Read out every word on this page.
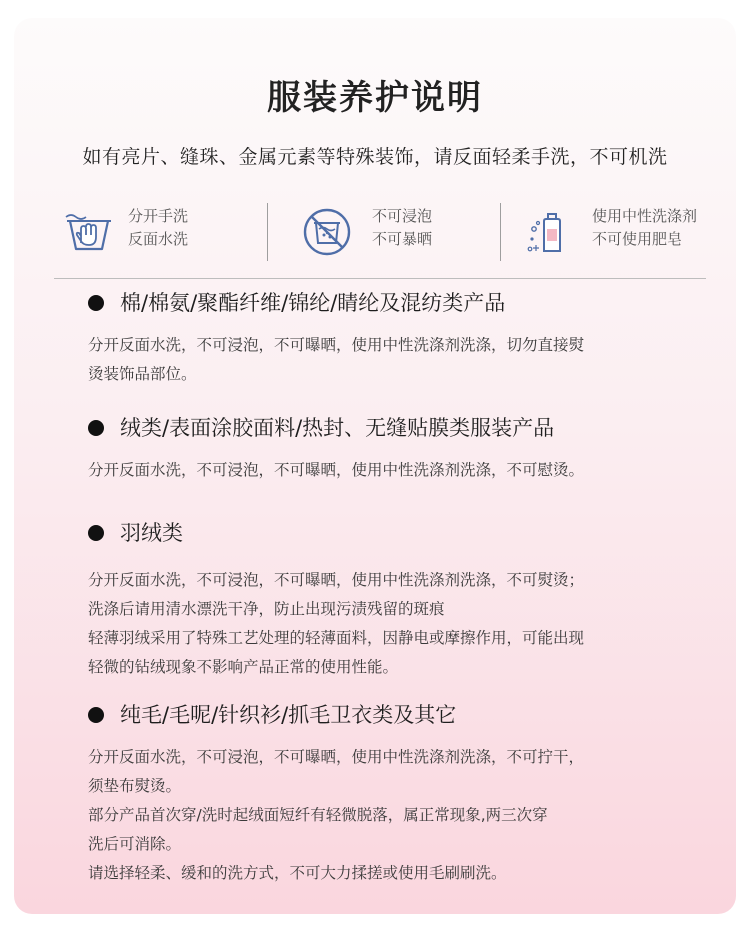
服装养护说明
如有亮片、缝珠、金属元素等特殊装饰，请反面轻柔手洗，不可机洗
分开手洗
反面水洗
不可浸泡
不可暴晒
使用中性洗涤剂
不可使用肥皂
棉/棉氨/聚酯纤维/锦纶/睛纶及混纺类产品
分开反面水洗，不可浸泡，不可曝晒，使用中性洗涤剂洗涤，切勿直接熨
烫装饰品部位。
绒类/表面涂胶面料/热封、无缝贴膜类服装产品
分开反面水洗，不可浸泡，不可曝晒，使用中性洗涤剂洗涤，不可慰烫。
羽绒类
分开反面水洗，不可浸泡，不可曝晒，使用中性洗涤剂洗涤，不可熨烫；
洗涤后请用清水漂洗干净，防止出现污渍残留的斑痕
轻薄羽绒采用了特殊工艺处理的轻薄面料，因静电或摩擦作用，可能出现
轻微的钻绒现象不影响产品正常的使用性能。
纯毛/毛呢/针织衫/抓毛卫衣类及其它
分开反面水洗，不可浸泡，不可曝晒，使用中性洗涤剂洗涤，不可拧干，
须垫布熨烫。
部分产品首次穿/洗时起绒面短纤有轻微脱落，属正常现象,两三次穿
洗后可消除。
请选择轻柔、缓和的洗方式，不可大力揉搓或使用毛刷刷洗。
